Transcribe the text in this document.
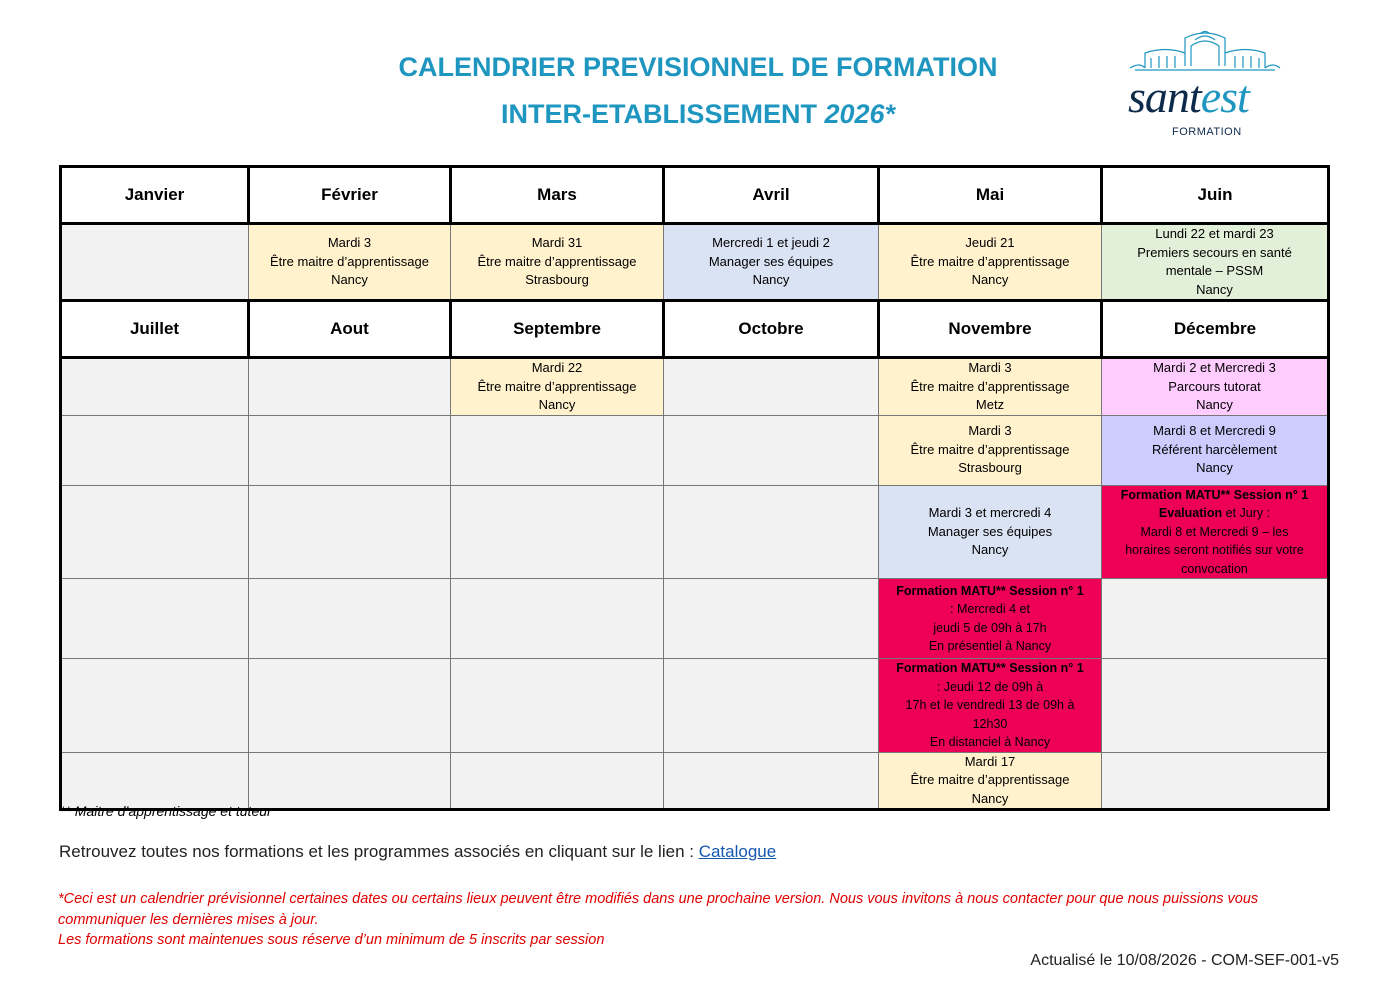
CALENDRIER PREVISIONNEL DE FORMATION
INTER-ETABLISSEMENT 2026*	santest
FORMATION
Janvier	Février	Mars	Avril	Mai	Juin

	Mardi 3
Être maitre d’apprentissage
Nancy	Mardi 31
Être maitre d’apprentissage
Strasbourg	Mercredi 1 et jeudi 2
Manager ses équipes
Nancy	Jeudi 21
Être maitre d’apprentissage
Nancy	Lundi 22 et mardi 23
Premiers secours en santé
mentale – PSSM
Nancy

Juillet	Aout	Septembre	Octobre	Novembre	Décembre

		Mardi 22
Être maitre d’apprentissage
Nancy		Mardi 3
Être maitre d’apprentissage
Metz	Mardi 2 et Mercredi 3
Parcours tutorat
Nancy

				Mardi 3
Être maitre d’apprentissage
Strasbourg	Mardi 8 et Mercredi 9
Référent harcèlement
Nancy

				Mardi 3 et mercredi 4
Manager ses équipes
Nancy	Formation MATU** Session n° 1
Evaluation et Jury :
Mardi 8 et Mercredi 9 – les
horaires seront notifiés sur votre
convocation

				Formation MATU** Session n° 1
: Mercredi 4 et
jeudi 5 de 09h à 17h
En présentiel à Nancy	

				Formation MATU** Session n° 1
: Jeudi 12 de 09h à
17h et le vendredi 13 de 09h à
12h30
En distanciel à Nancy	

				Mardi 17
Être maitre d’apprentissage
Nancy	

** Maitre d’apprentissage et tuteur
Retrouvez toutes nos formations et les programmes associés en cliquant sur le lien : Catalogue
*Ceci est un calendrier prévisionnel certaines dates ou certains lieux peuvent être modifiés dans une prochaine version. Nous vous invitons à nous contacter pour que nous puissions vous communiquer les dernières mises à jour.
Les formations sont maintenues sous réserve d’un minimum de 5 inscrits par session
Actualisé le 10/08/2026 - COM-SEF-001-v5
